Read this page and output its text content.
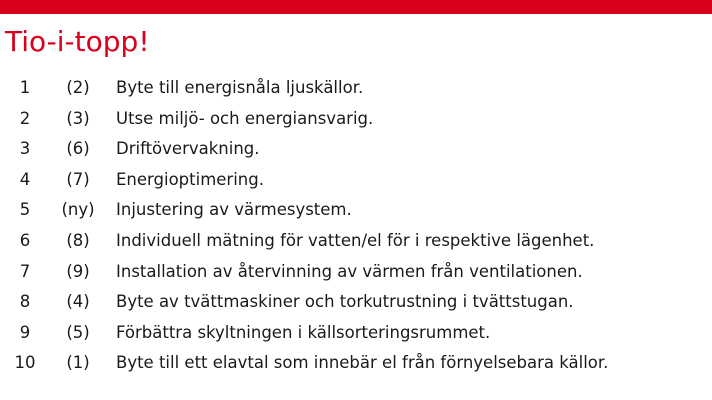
Tio-i-topp!
1	(2)	Byte till energisnåla ljuskällor.
2	(3)	Utse miljö- och energiansvarig.
3	(6)	Driftövervakning.
4	(7)	Energioptimering.
5	(ny)	Injustering av värmesystem.
6	(8)	Individuell mätning för vatten/el för i respektive lägenhet.
7	(9)	Installation av återvinning av värmen från ventilationen.
8	(4)	Byte av tvättmaskiner och torkutrustning i tvättstugan.
9	(5)	Förbättra skyltningen i källsorteringsrummet.
10	(1)	Byte till ett elavtal som innebär el från förnyelsebara källor.
